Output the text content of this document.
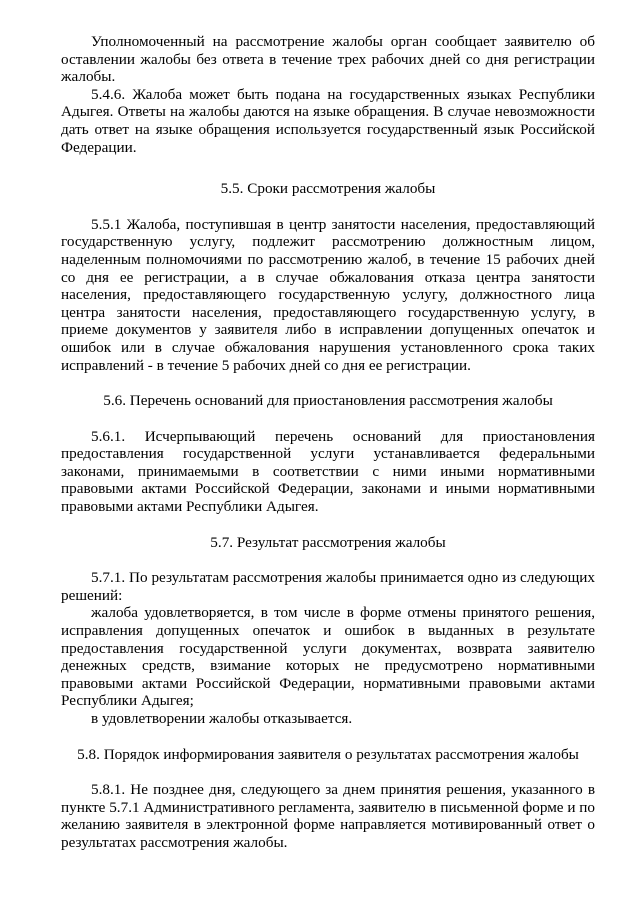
Уполномоченный на рассмотрение жалобы орган сообщает заявителю об оставлении жалобы без ответа в течение трех рабочих дней со дня регистрации жалобы.

5.4.6. Жалоба может быть подана на государственных языках Республики Адыгея. Ответы на жалобы даются на языке обращения. В случае невозможности дать ответ на языке обращения используется государственный язык Российской Федерации.

5.5. Сроки рассмотрения жалобы

5.5.1 Жалоба, поступившая в центр занятости населения, предоставляющий государственную услугу, подлежит рассмотрению должностным лицом, наделенным полномочиями по рассмотрению жалоб, в течение 15 рабочих дней со дня ее регистрации, а в случае обжалования отказа центра занятости населения, предоставляющего государственную услугу, должностного лица центра занятости населения, предоставляющего государственную услугу, в приеме документов у заявителя либо в исправлении допущенных опечаток и ошибок или в случае обжалования нарушения установленного срока таких исправлений - в течение 5 рабочих дней со дня ее регистрации.

5.6. Перечень оснований для приостановления рассмотрения жалобы

5.6.1. Исчерпывающий перечень оснований для приостановления предоставления государственной услуги устанавливается федеральными законами, принимаемыми в соответствии с ними иными нормативными правовыми актами Российской Федерации, законами и иными нормативными правовыми актами Республики Адыгея.

5.7. Результат рассмотрения жалобы

5.7.1. По результатам рассмотрения жалобы принимается одно из следующих решений:

жалоба удовлетворяется, в том числе в форме отмены принятого решения, исправления допущенных опечаток и ошибок в выданных в результате предоставления государственной услуги документах, возврата заявителю денежных средств, взимание которых не предусмотрено нормативными правовыми актами Российской Федерации, нормативными правовыми актами Республики Адыгея;

в удовлетворении жалобы отказывается.

5.8. Порядок информирования заявителя о результатах рассмотрения жалобы

5.8.1. Не позднее дня, следующего за днем принятия решения, указанного в пункте 5.7.1 Административного регламента, заявителю в письменной форме и по желанию заявителя в электронной форме направляется мотивированный ответ о результатах рассмотрения жалобы.
